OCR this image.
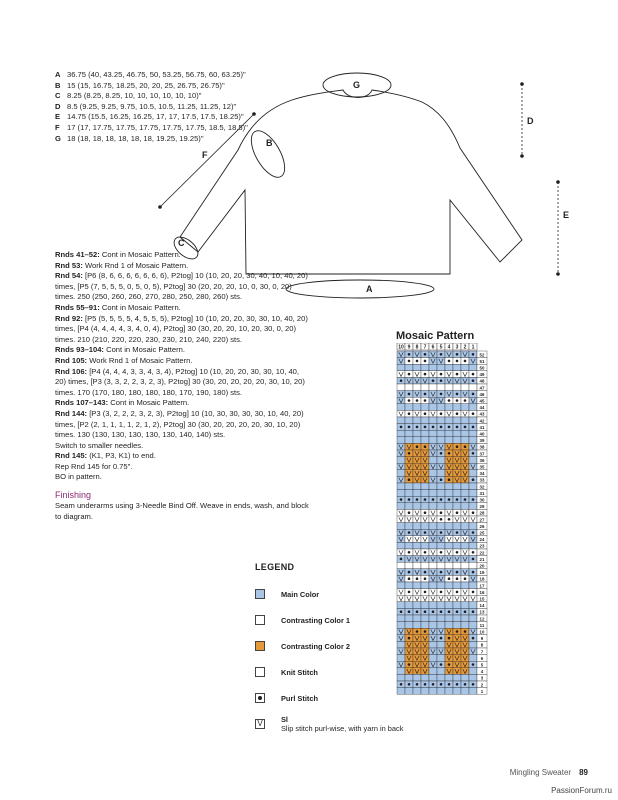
A 36.75 (40, 43.25, 46.75, 50, 53.25, 56.75, 60, 63.25)"
B 15 (15, 16.75, 18.25, 20, 20, 25, 26.75, 26.75)"
C 8.25 (8.25, 8.25, 10, 10, 10, 10, 10, 10)"
D 8.5 (9.25, 9.25, 9.75, 10.5, 10.5, 11.25, 11.25, 12)"
E 14.75 (15.5, 16.25, 16.25, 17, 17, 17.5, 17.5, 18.25)"
F 17 (17, 17.75, 17.75, 17.75, 17.75, 17.75, 18.5, 18.5)"
G 18 (18, 18, 18, 18, 18, 18, 19.25, 19.25)"
G
B
F
C
D
E
A

Rnds 41–52: Cont in Mosaic Pattern.

Rnd 53: Work Rnd 1 of Mosaic Pattern.

Rnd 54: [P6 (8, 6, 6, 6, 6, 6, 6, 6), P2tog] 10 (10, 20, 20, 30, 40, 10, 40, 20) times, [P5 (7, 5, 5, 5, 0, 5, 0, 5), P2tog] 30 (20, 20, 20, 10, 0, 30, 0, 20) times. 250 (250, 260, 260, 270, 280, 250, 280, 260) sts.

Rnds 55–91: Cont in Mosaic Pattern.

Rnd 92: [P5 (5, 5, 5, 5, 4, 5, 5, 5), P2tog] 10 (10, 20, 20, 30, 30, 10, 40, 20) times, [P4 (4, 4, 4, 4, 3, 4, 0, 4), P2tog] 30 (30, 20, 20, 10, 20, 30, 0, 20) times. 210 (210, 220, 220, 230, 230, 210, 240, 220) sts.

Rnds 93–104: Cont in Mosaic Pattern.

Rnd 105: Work Rnd 1 of Mosaic Pattern.

Rnd 106: [P4 (4, 4, 4, 3, 3, 4, 3, 4), P2tog] 10 (10, 20, 20, 30, 30, 10, 40, 20) times, [P3 (3, 3, 2, 2, 3, 2, 3), P2tog] 30 (30, 20, 20, 20, 20, 30, 10, 20) times. 170 (170, 180, 180, 180, 180, 170, 190, 180) sts.

Rnds 107–143: Cont in Mosaic Pattern.

Rnd 144: [P3 (3, 2, 2, 2, 3, 2, 3), P2tog] 10 (10, 30, 30, 30, 30, 10, 40, 20) times, [P2 (2, 1, 1, 1, 1, 2, 1, 2), P2tog] 30 (30, 20, 20, 20, 20, 30, 10, 20) times. 130 (130, 130, 130, 130, 130, 140, 140) sts.

Switch to smaller needles.

Rnd 145: (K1, P3, K1) to end.

Rep Rnd 145 for 0.75".

BO in pattern.

Finishing

Seam underarms using 3-Needle Bind Off. Weave in ends, wash, and block to diagram.

Mosaic Pattern
10 9 8 7 6 5 4 3 2 1
52
51
50
49
48
47
46
45
44
43
42
41
40
39
38
37
36
35
34
33
32
31
30
29
28
27
26
25
24
23
22
21
20
19
18
17
16
15
14
13
12
11
10
9
8
7
6
5
4
3
2
1
LEGEND
Main Color
Contrasting Color 1
Contrasting Color 2
Knit Stitch
Purl Stitch
V Sl
Slip stitch purl-wise, with yarn in back
Mingling Sweater 89
PassionForum.ru
